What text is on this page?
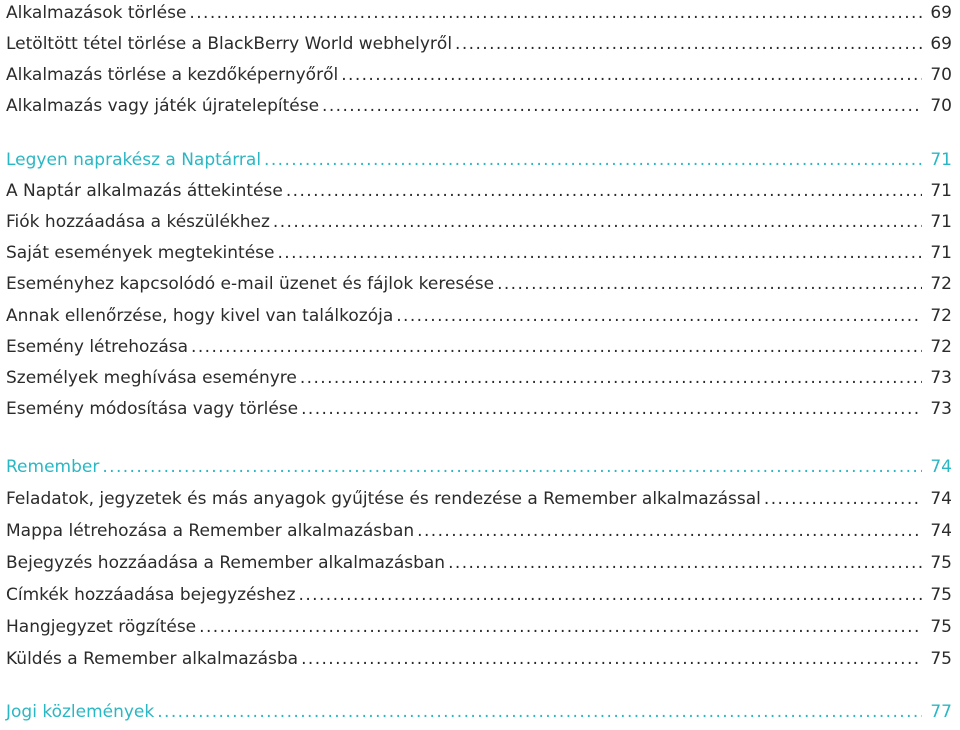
Alkalmazások törlése . . .	69
Letöltött tétel törlése a BlackBerry World webhelyről . . .	69
Alkalmazás törlése a kezdőképernyőről . . .	70
Alkalmazás vagy játék újratelepítése . . .	70
Legyen naprakész a Naptárral . . .	71
A Naptár alkalmazás áttekintése . . .	71
Fiók hozzáadása a készülékhez . . .	71
Saját események megtekintése . . .	71
Eseményhez kapcsolódó e-mail üzenet és fájlok keresése . . .	72
Annak ellenőrzése, hogy kivel van találkozója . . .	72
Esemény létrehozása . . .	72
Személyek meghívása eseményre . . .	73
Esemény módosítása vagy törlése . . .	73
Remember . . .	74
Feladatok, jegyzetek és más anyagok gyűjtése és rendezése a Remember alkalmazással . . .	74
Mappa létrehozása a Remember alkalmazásban . . .	74
Bejegyzés hozzáadása a Remember alkalmazásban . . .	75
Címkék hozzáadása bejegyzéshez . . .	75
Hangjegyzet rögzítése . . .	75
Küldés a Remember alkalmazásba . . .	75
Jogi közlemények . . .	77
